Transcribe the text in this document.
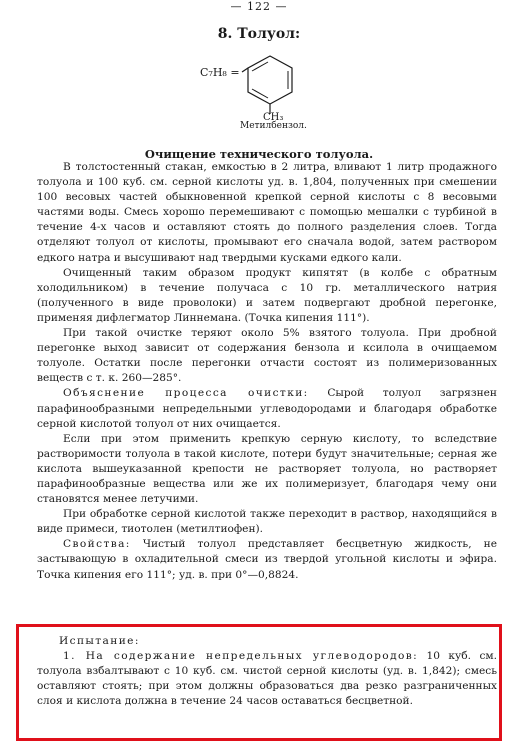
— 122 —
8. Толуол:
C₇H₈ =
CH₃
Метилбензол.
Очищение технического толуола.

В толстостенный стакан, емкостью в 2 литра, вливают 1 литр продажного толуола и 100 куб. см. серной кислоты уд. в. 1,804, полученных при смешении 100 весовых частей обыкновенной крепкой серной кислоты с 8 весовыми частями воды. Смесь хорошо перемешивают с помощью мешалки с турбиной в течение 4-х часов и оставляют стоять до полного разделения слоев. Тогда отделяют толуол от кислоты, промывают его сначала водой, затем раствором едкого натра и высушивают над твердыми кусками едкого кали.

Очищенный таким образом продукт кипятят (в колбе с обратным холодильником) в течение получаса с 10 гр. металлического натрия (полученного в виде проволоки) и затем подвергают дробной перегонке, применяя дифлегматор Линнемана. (Точка кипения 111°).

При такой очистке теряют около 5% взятого толуола. При дробной перегонке выход зависит от содержания бензола и ксилола в очищаемом толуоле. Остатки после перегонки отчасти состоят из полимеризованных веществ с т. к. 260—285°.

Объяснение процесса очистки: Сырой толуол загрязнен парафинообразными непредельными углеводородами и благодаря обработке серной кислотой толуол от них очищается.

Если при этом применить крепкую серную кислоту, то вследствие растворимости толуола в такой кислоте, потери будут значительные; серная же кислота вышеуказанной крепости не растворяет толуола, но растворяет парафинообразные вещества или же их полимеризует, благодаря чему они становятся менее летучими.

При обработке серной кислотой также переходит в раствор, находящийся в виде примеси, тиотолен (метилтиофен).

Свойства: Чистый толуол представляет бесцветную жидкость, не застывающую в охладительной смеси из твердой угольной кислоты и эфира. Точка кипения его 111°; уд. в. при 0°—0,8824.

Испытание:

1. На содержание непредельных углеводородов: 10 куб. см. толуола взбалтывают с 10 куб. см. чистой серной кислоты (уд. в. 1,842); смесь оставляют стоять; при этом должны образоваться два резко разграниченных слоя и кислота должна в течение 24 часов оставаться бесцветной.
